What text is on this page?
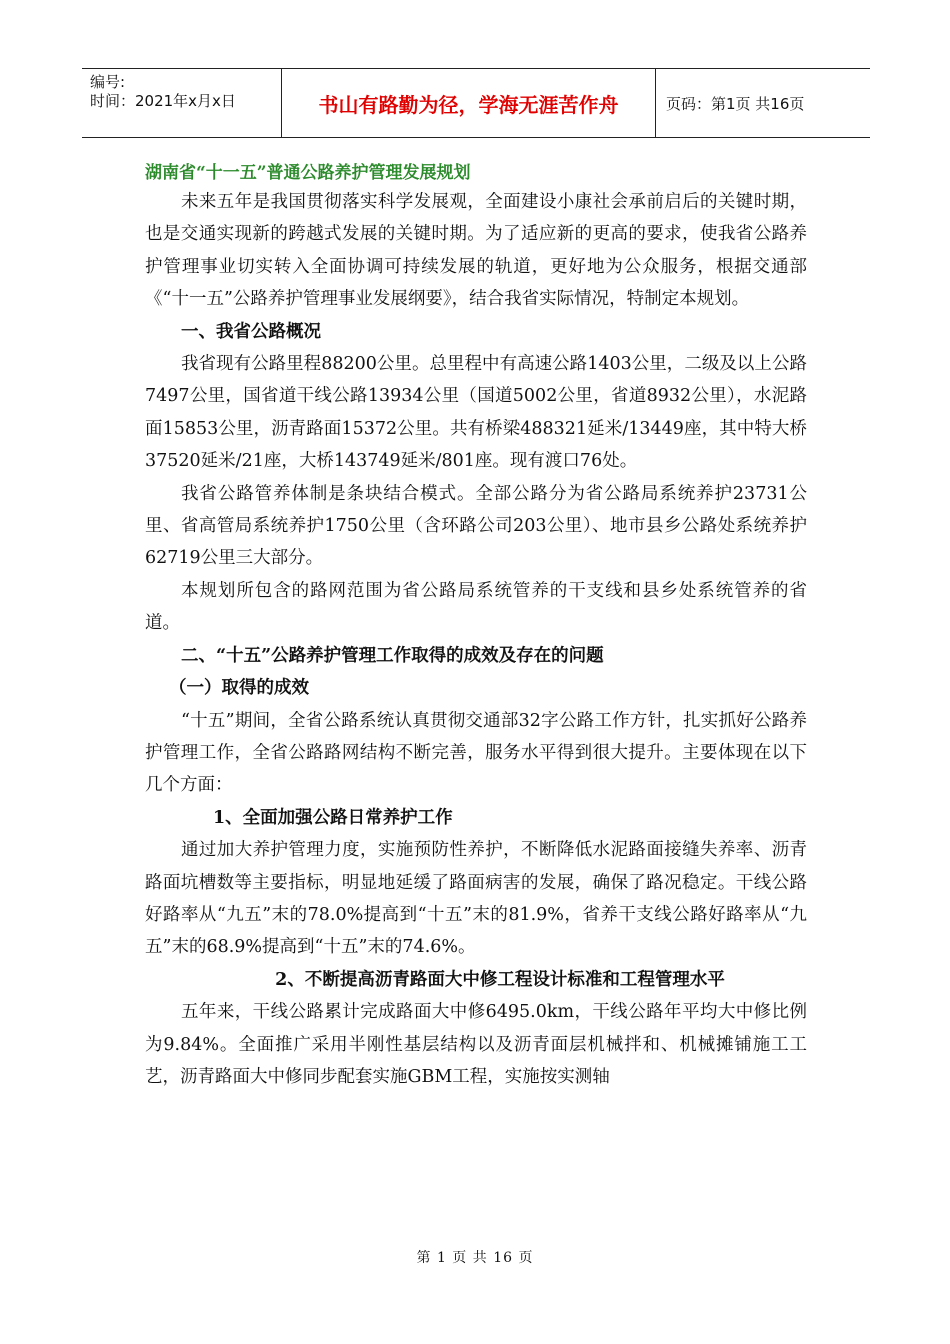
编号:
时间：2021年x月x日	书山有路勤为径，学海无涯苦作舟	页码：第1页 共16页

湖南省“十一五”普通公路养护管理发展规划

未来五年是我国贯彻落实科学发展观，全面建设小康社会承前启后的关键时期，也是交通实现新的跨越式发展的关键时期。为了适应新的更高的要求，使我省公路养护管理事业切实转入全面协调可持续发展的轨道，更好地为公众服务，根据交通部《“十一五”公路养护管理事业发展纲要》，结合我省实际情况，特制定本规划。

一、我省公路概况

我省现有公路里程88200公里。总里程中有高速公路1403公里，二级及以上公路7497公里，国省道干线公路13934公里（国道5002公里，省道8932公里），水泥路面15853公里，沥青路面15372公里。共有桥梁488321延米/13449座，其中特大桥37520延米/21座，大桥143749延米/801座。现有渡口76处。

我省公路管养体制是条块结合模式。全部公路分为省公路局系统养护23731公里、省高管局系统养护1750公里（含环路公司203公里）、地市县乡公路处系统养护62719公里三大部分。

本规划所包含的路网范围为省公路局系统管养的干支线和县乡处系统管养的省道。

二、“十五”公路养护管理工作取得的成效及存在的问题

（一）取得的成效

“十五”期间，全省公路系统认真贯彻交通部32字公路工作方针，扎实抓好公路养护管理工作，全省公路路网结构不断完善，服务水平得到很大提升。主要体现在以下几个方面：

1、全面加强公路日常养护工作

通过加大养护管理力度，实施预防性养护，不断降低水泥路面接缝失养率、沥青路面坑槽数等主要指标，明显地延缓了路面病害的发展，确保了路况稳定。干线公路好路率从“九五”末的78.0%提高到“十五”末的81.9%，省养干支线公路好路率从“九五”末的68.9%提高到“十五”末的74.6%。

2、不断提高沥青路面大中修工程设计标准和工程管理水平

五年来，干线公路累计完成路面大中修6495.0km，干线公路年平均大中修比例为9.84%。全面推广采用半刚性基层结构以及沥青面层机械拌和、机械摊铺施工工艺，沥青路面大中修同步配套实施GBM工程，实施按实测轴

第 1 页 共 16 页
